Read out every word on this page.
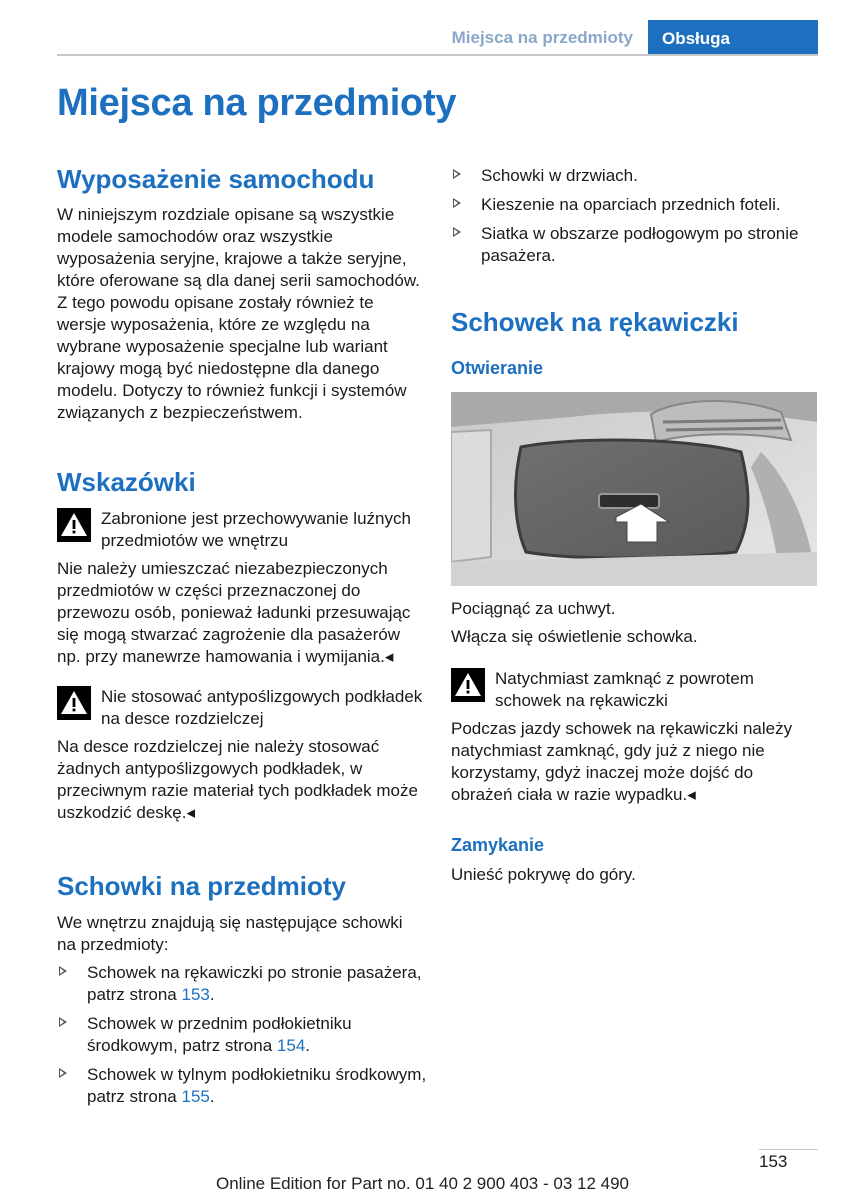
Miejsca na przedmioty	Obsługa
Miejsca na przedmioty
Wyposażenie samochodu

W niniejszym rozdziale opisane są wszystkie modele samochodów oraz wszystkie wyposażenia seryjne, krajowe a także seryjne, które oferowane są dla danej serii samochodów. Z tego powodu opisane zostały również te wersje wyposażenia, które ze względu na wybrane wyposażenie specjalne lub wariant krajowy mogą być niedostępne dla danego modelu. Dotyczy to również funkcji i systemów związanych z bezpieczeństwem.

Wskazówki
Zabronione jest przechowywanie luźnych przedmiotów we wnętrzu

Nie należy umieszczać niezabezpieczonych przedmiotów w części przeznaczonej do przewozu osób, ponieważ ładunki przesuwając się mogą stwarzać zagrożenie dla pasażerów np. przy manewrze hamowania i wymijania.◂

Nie stosować antypoślizgowych podkładek na desce rozdzielczej

Na desce rozdzielczej nie należy stosować żadnych antypoślizgowych podkładek, w przeciwnym razie materiał tych podkładek może uszkodzić deskę.◂

Schowki na przedmioty

We wnętrzu znajdują się następujące schowki na przedmioty:

Schowek na rękawiczki po stronie pasażera, patrz strona 153.
Schowek w przednim podłokietniku środkowym, patrz strona 154.
Schowek w tylnym podłokietniku środkowym, patrz strona 155.
Schowki w drzwiach.
Kieszenie na oparciach przednich foteli.
Siatka w obszarze podłogowym po stronie pasażera.
Schowek na rękawiczki
Otwieranie

Pociągnąć za uchwyt.

Włącza się oświetlenie schowka.

Natychmiast zamknąć z powrotem schowek na rękawiczki

Podczas jazdy schowek na rękawiczki należy natychmiast zamknąć, gdy już z niego nie korzystamy, gdyż inaczej może dojść do obrażeń ciała w razie wypadku.◂

Zamykanie

Unieść pokrywę do góry.

153
Online Edition for Part no. 01 40 2 900 403 - 03 12 490
